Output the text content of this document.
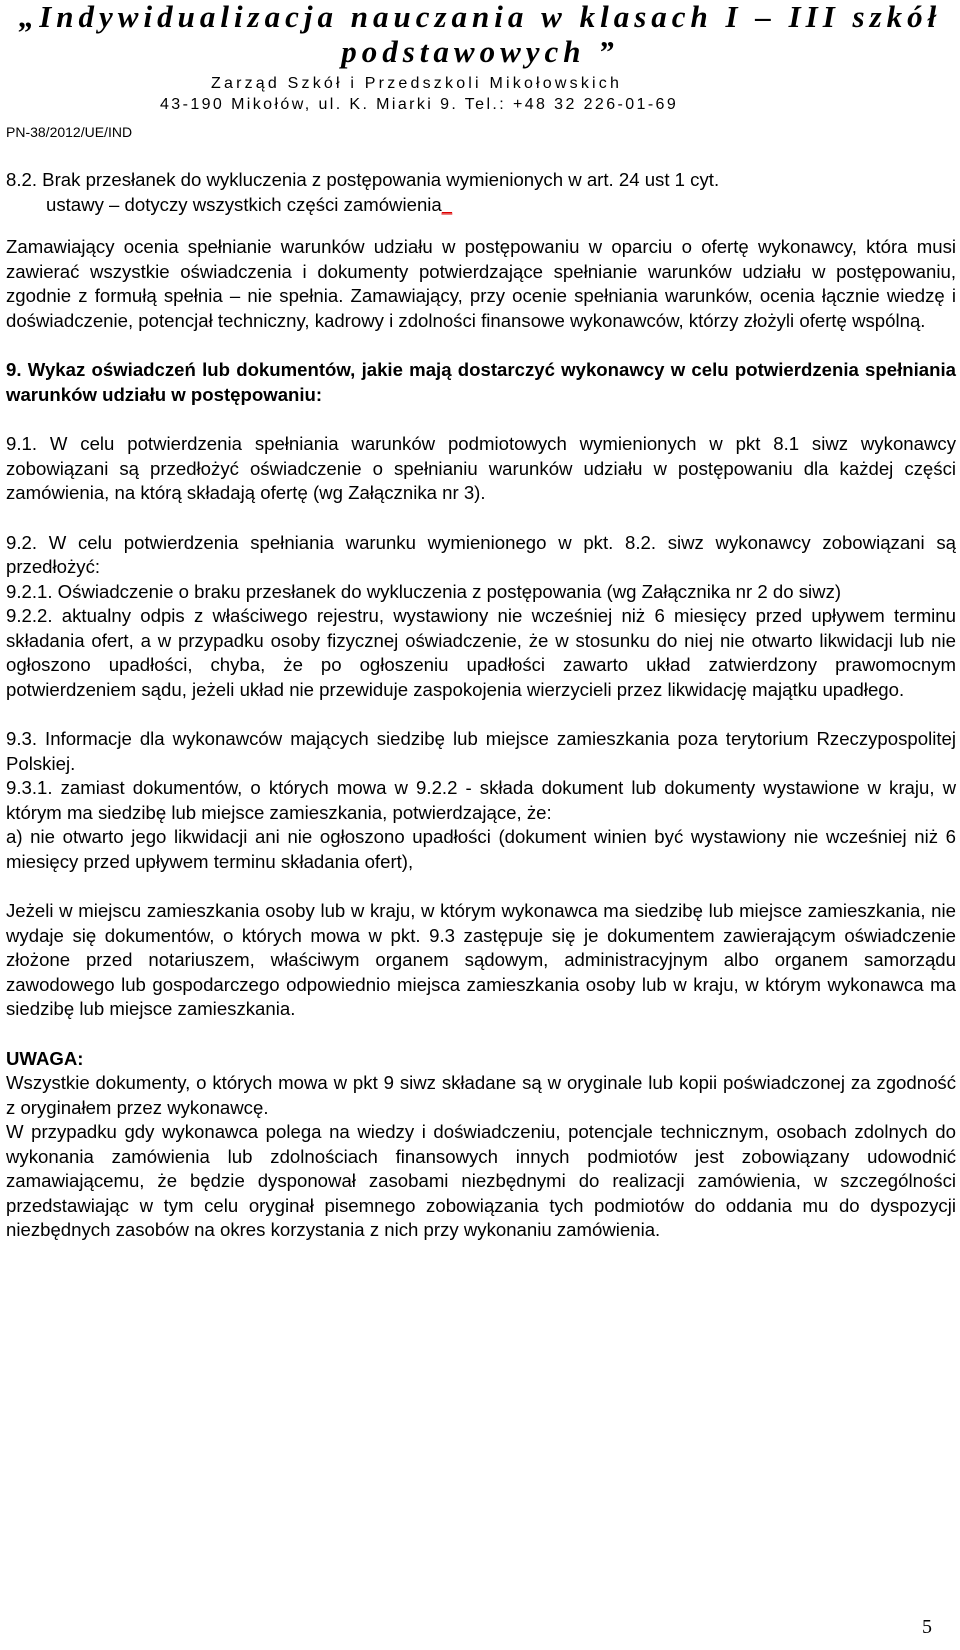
„Indywidualizacja nauczania w klasach I – III szkół
podstawowych ”
Zarząd Szkół i Przedszkoli Mikołowskich
43-190 Mikołów, ul. K. Miarki 9. Tel.: +48 32 226-01-69
PN-38/2012/UE/IND

8.2. Brak przesłanek do wykluczenia z postępowania wymienionych w art. 24 ust 1 cyt.

ustawy – dotyczy wszystkich części zamówienia_

Zamawiający ocenia spełnianie warunków udziału w postępowaniu w oparciu o ofertę wykonawcy, która musi zawierać wszystkie oświadczenia i dokumenty potwierdzające spełnianie warunków udziału w postępowaniu, zgodnie z formułą spełnia – nie spełnia. Zamawiający, przy ocenie spełniania warunków, ocenia łącznie wiedzę i doświadczenie, potencjał techniczny, kadrowy i zdolności finansowe wykonawców, którzy złożyli ofertę wspólną.

9. Wykaz oświadczeń lub dokumentów, jakie mają dostarczyć wykonawcy w celu potwierdzenia spełniania warunków udziału w postępowaniu:

9.1. W celu potwierdzenia spełniania warunków podmiotowych wymienionych w pkt 8.1 siwz wykonawcy zobowiązani są przedłożyć oświadczenie o spełnianiu warunków udziału w postępowaniu dla każdej części zamówienia, na którą składają ofertę (wg Załącznika nr 3).

9.2. W celu potwierdzenia spełniania warunku wymienionego w pkt. 8.2. siwz wykonawcy zobowiązani są przedłożyć:

9.2.1. Oświadczenie o braku przesłanek do wykluczenia z postępowania (wg Załącznika nr 2 do siwz)

9.2.2. aktualny odpis z właściwego rejestru, wystawiony nie wcześniej niż 6 miesięcy przed upływem terminu składania ofert, a w przypadku osoby fizycznej oświadczenie, że w stosunku do niej nie otwarto likwidacji lub nie ogłoszono upadłości, chyba, że po ogłoszeniu upadłości zawarto układ zatwierdzony prawomocnym potwierdzeniem sądu, jeżeli układ nie przewiduje zaspokojenia wierzycieli przez likwidację majątku upadłego.

9.3. Informacje dla wykonawców mających siedzibę lub miejsce zamieszkania poza terytorium Rzeczypospolitej Polskiej.

9.3.1. zamiast dokumentów, o których mowa w 9.2.2 - składa dokument lub dokumenty wystawione w kraju, w którym ma siedzibę lub miejsce zamieszkania, potwierdzające, że:

a) nie otwarto jego likwidacji ani nie ogłoszono upadłości (dokument winien być wystawiony nie wcześniej niż 6 miesięcy przed upływem terminu składania ofert),

Jeżeli w miejscu zamieszkania osoby lub w kraju, w którym wykonawca ma siedzibę lub miejsce zamieszkania, nie wydaje się dokumentów, o których mowa w pkt. 9.3 zastępuje się je dokumentem zawierającym oświadczenie złożone przed notariuszem, właściwym organem sądowym, administracyjnym albo organem samorządu zawodowego lub gospodarczego odpowiednio miejsca zamieszkania osoby lub w kraju, w którym wykonawca ma siedzibę lub miejsce zamieszkania.

UWAGA:

Wszystkie dokumenty, o których mowa w pkt 9 siwz składane są w oryginale lub kopii poświadczonej za zgodność z oryginałem przez wykonawcę.

W przypadku gdy wykonawca polega na wiedzy i doświadczeniu, potencjale technicznym, osobach zdolnych do wykonania zamówienia lub zdolnościach finansowych innych podmiotów jest zobowiązany udowodnić zamawiającemu, że będzie dysponował zasobami niezbędnymi do realizacji zamówienia, w szczególności przedstawiając w tym celu oryginał pisemnego zobowiązania tych podmiotów do oddania mu do dyspozycji niezbędnych zasobów na okres korzystania z nich przy wykonaniu zamówienia.

5
